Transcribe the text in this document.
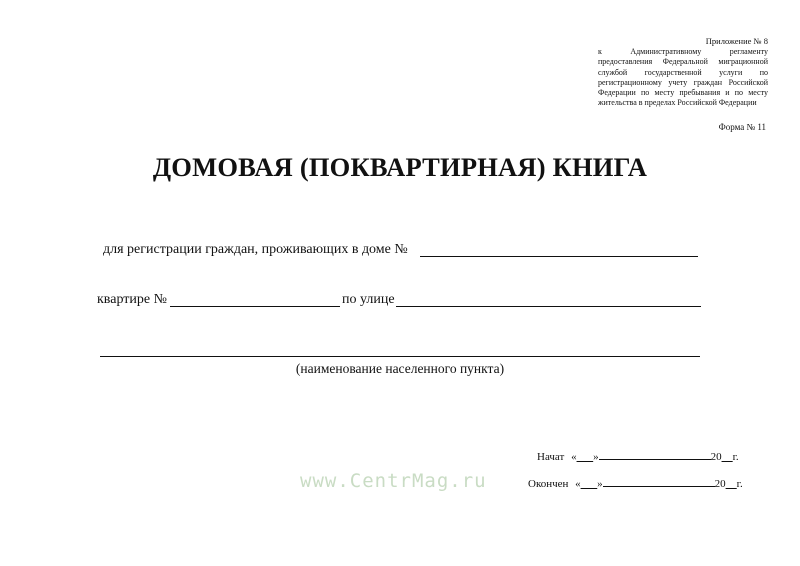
Приложение № 8
к Административному регламенту
предоставления Федеральной миграционной
службой государственной услуги по
регистрационному учету граждан Российской
Федерации по месту пребывания и по месту
жительства в пределах Российской Федерации
Форма № 11
ДОМОВАЯ (ПОКВАРТИРНАЯ) КНИГА
для регистрации граждан, проживающих в доме №
квартире №	по улице
(наименование населенного пункта)
Начат «___»	20__г.
Окончен «___»	20__г.
www.CentrMag.ru
